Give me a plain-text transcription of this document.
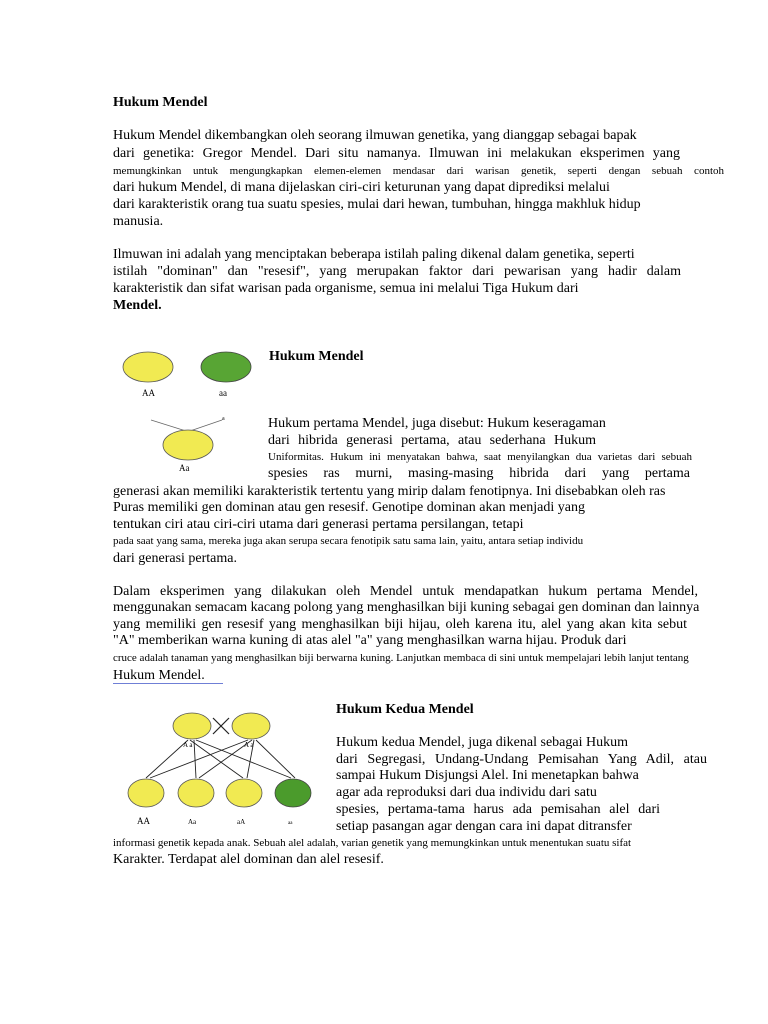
Hukum Mendel
Hukum Mendel dikembangkan oleh seorang ilmuwan genetika, yang dianggap sebagai bapak
dari genetika: Gregor Mendel. Dari situ namanya. Ilmuwan ini melakukan eksperimen yang
memungkinkan untuk mengungkapkan elemen-elemen mendasar dari warisan genetik, seperti dengan sebuah contoh
dari hukum Mendel, di mana dijelaskan ciri-ciri keturunan yang dapat diprediksi melalui
dari karakteristik orang tua suatu spesies, mulai dari hewan, tumbuhan, hingga makhluk hidup
manusia.
Ilmuwan ini adalah yang menciptakan beberapa istilah paling dikenal dalam genetika, seperti
istilah "dominan" dan "resesif", yang merupakan faktor dari pewarisan yang hadir dalam
karakteristik dan sifat warisan pada organisme, semua ini melalui Tiga Hukum dari
Mendel.
AA	aa
a
Aa
Hukum Mendel
Hukum pertama Mendel, juga disebut: Hukum keseragaman
dari hibrida generasi pertama, atau sederhana Hukum
Uniformitas. Hukum ini menyatakan bahwa, saat menyilangkan dua varietas dari sebuah
spesies ras murni, masing-masing hibrida dari yang pertama
generasi akan memiliki karakteristik tertentu yang mirip dalam fenotipnya. Ini disebabkan oleh ras
Puras memiliki gen dominan atau gen resesif. Genotipe dominan akan menjadi yang
tentukan ciri atau ciri-ciri utama dari generasi pertama persilangan, tetapi
pada saat yang sama, mereka juga akan serupa secara fenotipik satu sama lain, yaitu, antara setiap individu
dari generasi pertama.
Dalam eksperimen yang dilakukan oleh Mendel untuk mendapatkan hukum pertama Mendel,
menggunakan semacam kacang polong yang menghasilkan biji kuning sebagai gen dominan dan lainnya
yang memiliki gen resesif yang menghasilkan biji hijau, oleh karena itu, alel yang akan kita sebut
"A" memberikan warna kuning di atas alel "a" yang menghasilkan warna hijau. Produk dari
cruce adalah tanaman yang menghasilkan biji berwarna kuning. Lanjutkan membaca di sini untuk mempelajari lebih lanjut tentang
Hukum Mendel.
A a	A a
AA	Aa	aA	aa
Hukum Kedua Mendel
Hukum kedua Mendel, juga dikenal sebagai Hukum
dari Segregasi, Undang-Undang Pemisahan Yang Adil, atau
sampai Hukum Disjungsi Alel. Ini menetapkan bahwa
agar ada reproduksi dari dua individu dari satu
spesies, pertama-tama harus ada pemisahan alel dari
setiap pasangan agar dengan cara ini dapat ditransfer
informasi genetik kepada anak. Sebuah alel adalah, varian genetik yang memungkinkan untuk menentukan suatu sifat
Karakter. Terdapat alel dominan dan alel resesif.
